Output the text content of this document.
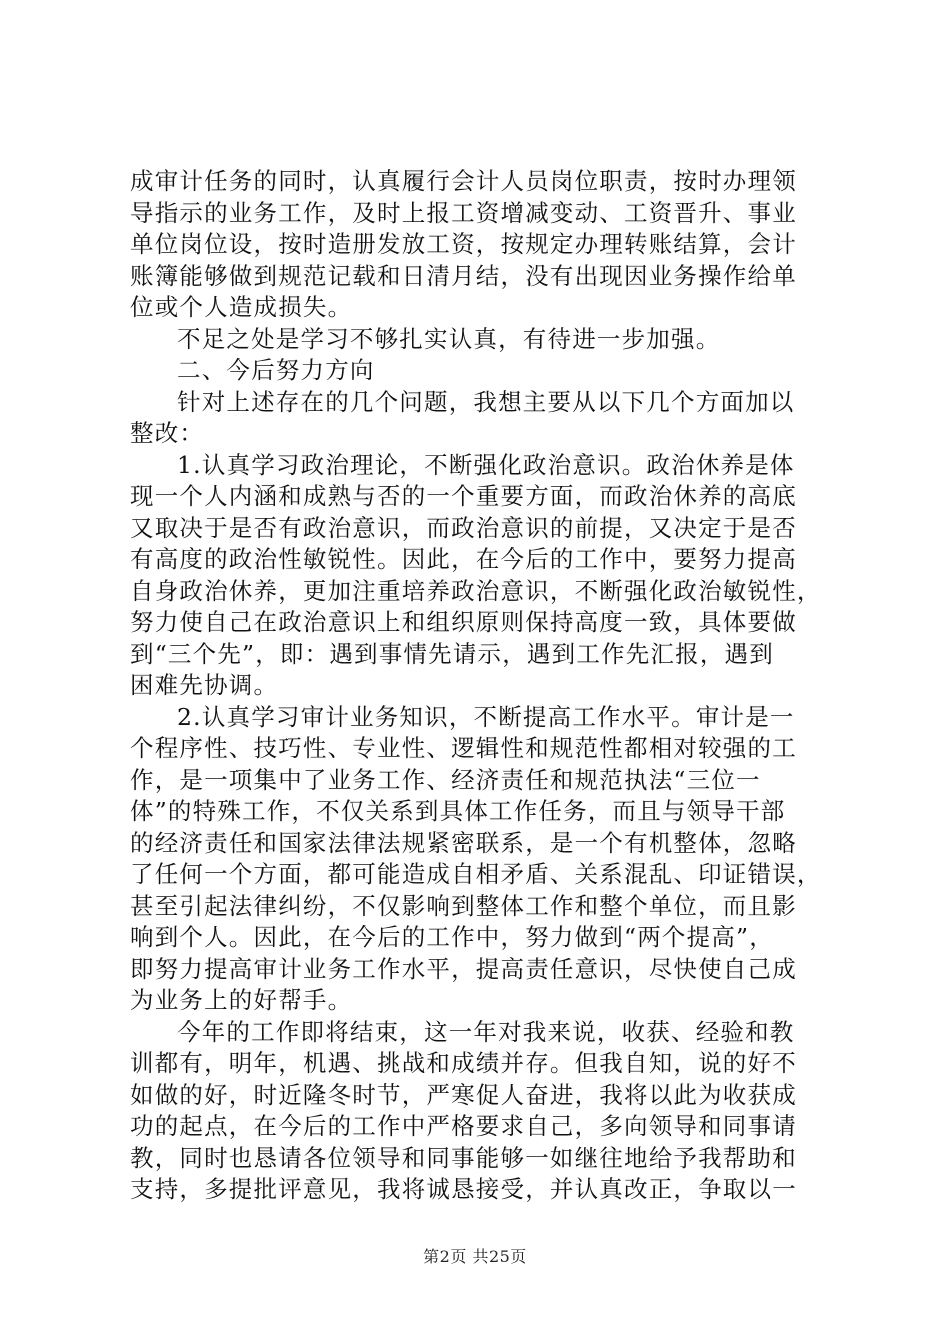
成审计任务的同时，认真履行会计人员岗位职责，按时办理领
导指示的业务工作，及时上报工资增减变动、工资晋升、事业
单位岗位设，按时造册发放工资，按规定办理转账结算，会计
账簿能够做到规范记载和日清月结，没有出现因业务操作给单
位或个人造成损失。
不足之处是学习不够扎实认真，有待进一步加强。
二、今后努力方向
针对上述存在的几个问题，我想主要从以下几个方面加以
整改：
1.认真学习政治理论，不断强化政治意识。政治休养是体
现一个人内涵和成熟与否的一个重要方面，而政治休养的高底
又取决于是否有政治意识，而政治意识的前提，又决定于是否
有高度的政治性敏锐性。因此，在今后的工作中，要努力提高
自身政治休养，更加注重培养政治意识，不断强化政治敏锐性，
努力使自己在政治意识上和组织原则保持高度一致，具体要做
到“三个先”，即：遇到事情先请示，遇到工作先汇报，遇到
困难先协调。
2.认真学习审计业务知识，不断提高工作水平。审计是一
个程序性、技巧性、专业性、逻辑性和规范性都相对较强的工
作，是一项集中了业务工作、经济责任和规范执法“三位一
体”的特殊工作，不仅关系到具体工作任务，而且与领导干部
的经济责任和国家法律法规紧密联系，是一个有机整体，忽略
了任何一个方面，都可能造成自相矛盾、关系混乱、印证错误，
甚至引起法律纠纷，不仅影响到整体工作和整个单位，而且影
响到个人。因此，在今后的工作中，努力做到“两个提高”，
即努力提高审计业务工作水平，提高责任意识，尽快使自己成
为业务上的好帮手。
今年的工作即将结束，这一年对我来说，收获、经验和教
训都有，明年，机遇、挑战和成绩并存。但我自知，说的好不
如做的好，时近隆冬时节，严寒促人奋进，我将以此为收获成
功的起点，在今后的工作中严格要求自己，多向领导和同事请
教，同时也恳请各位领导和同事能够一如继往地给予我帮助和
支持，多提批评意见，我将诚恳接受，并认真改正，争取以一
第2页 共25页
